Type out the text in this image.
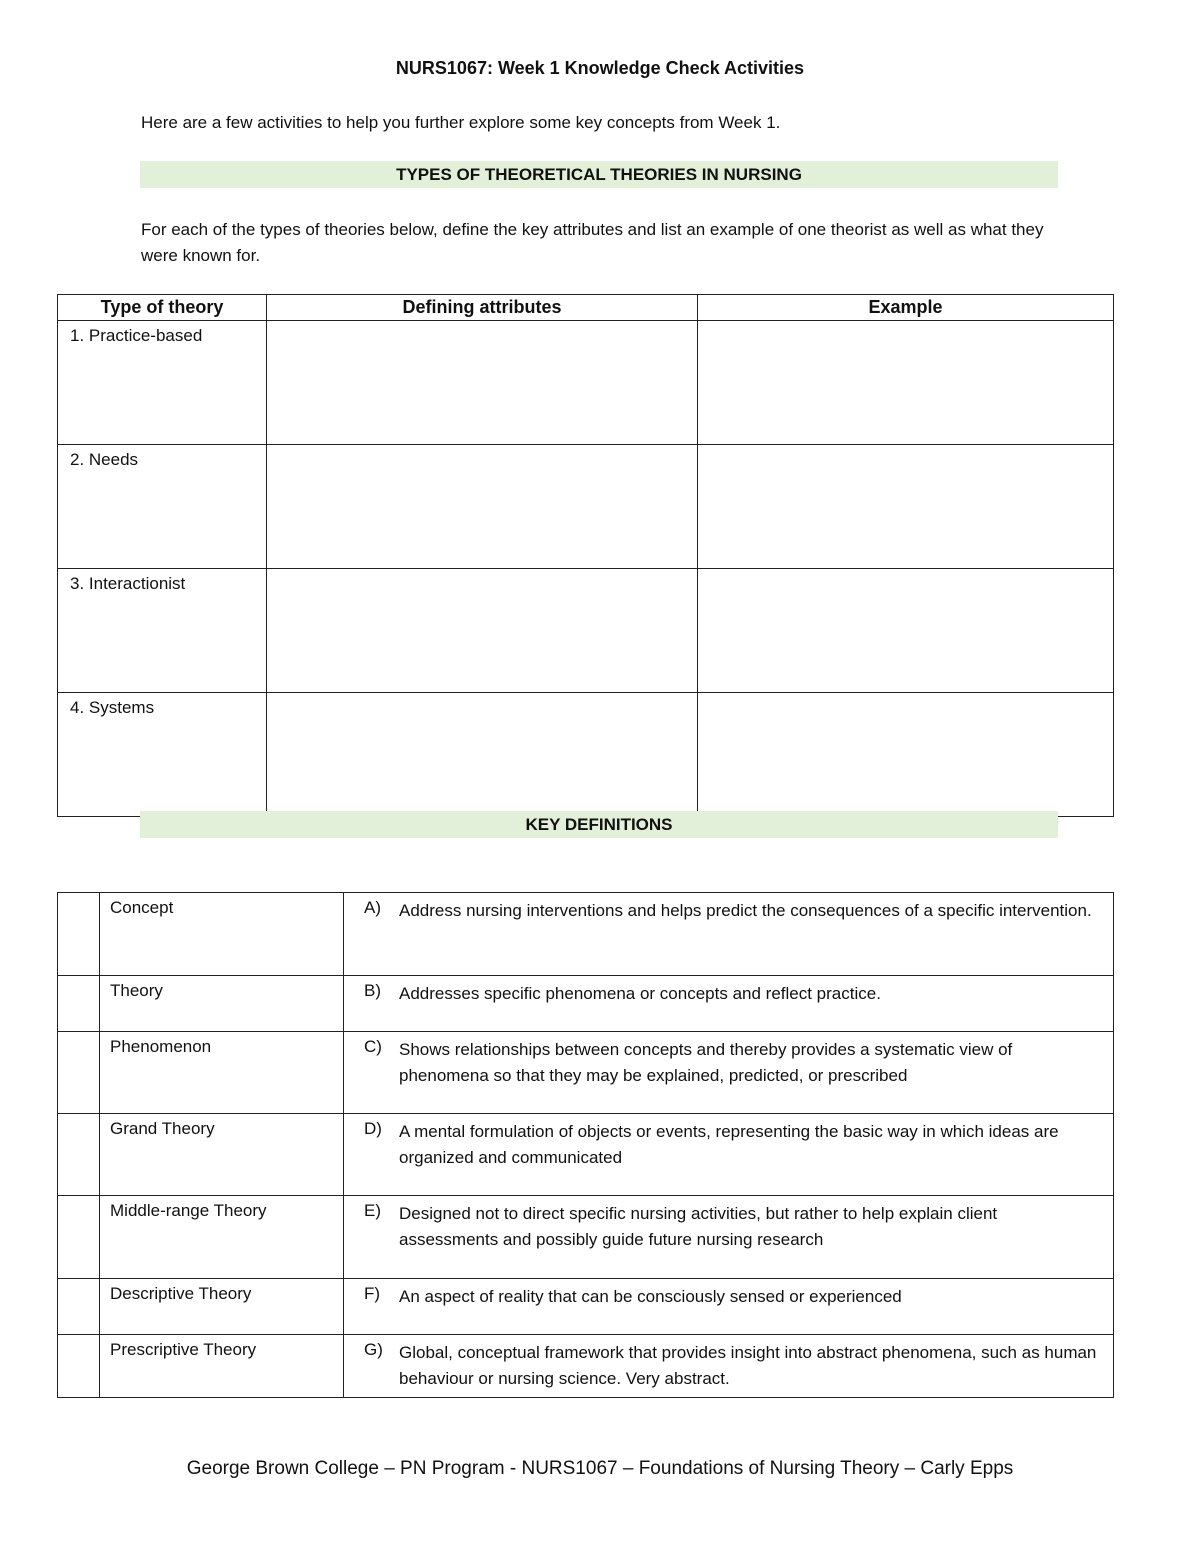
NURS1067: Week 1 Knowledge Check Activities
Here are a few activities to help you further explore some key concepts from Week 1.
TYPES OF THEORETICAL THEORIES IN NURSING
For each of the types of theories below, define the key attributes and list an example of one theorist as well as what they were known for.
Type of theory	Defining attributes	Example
1. Practice-based		
2. Needs		
3. Interactionist		
4. Systems		
KEY DEFINITIONS
	Concept	A) Address nursing interventions and helps predict the consequences of a specific intervention.

	Theory	B) Addresses specific phenomena or concepts and reflect practice.

	Phenomenon	C) Shows relationships between concepts and thereby provides a systematic view of phenomena so that they may be explained, predicted, or prescribed

	Grand Theory	D) A mental formulation of objects or events, representing the basic way in which ideas are organized and communicated

	Middle-range Theory	E) Designed not to direct specific nursing activities, but rather to help explain client assessments and possibly guide future nursing research

	Descriptive Theory	F) An aspect of reality that can be consciously sensed or experienced

	Prescriptive Theory	G) Global, conceptual framework that provides insight into abstract phenomena, such as human behaviour or nursing science. Very abstract.
George Brown College – PN Program - NURS1067 – Foundations of Nursing Theory – Carly Epps
